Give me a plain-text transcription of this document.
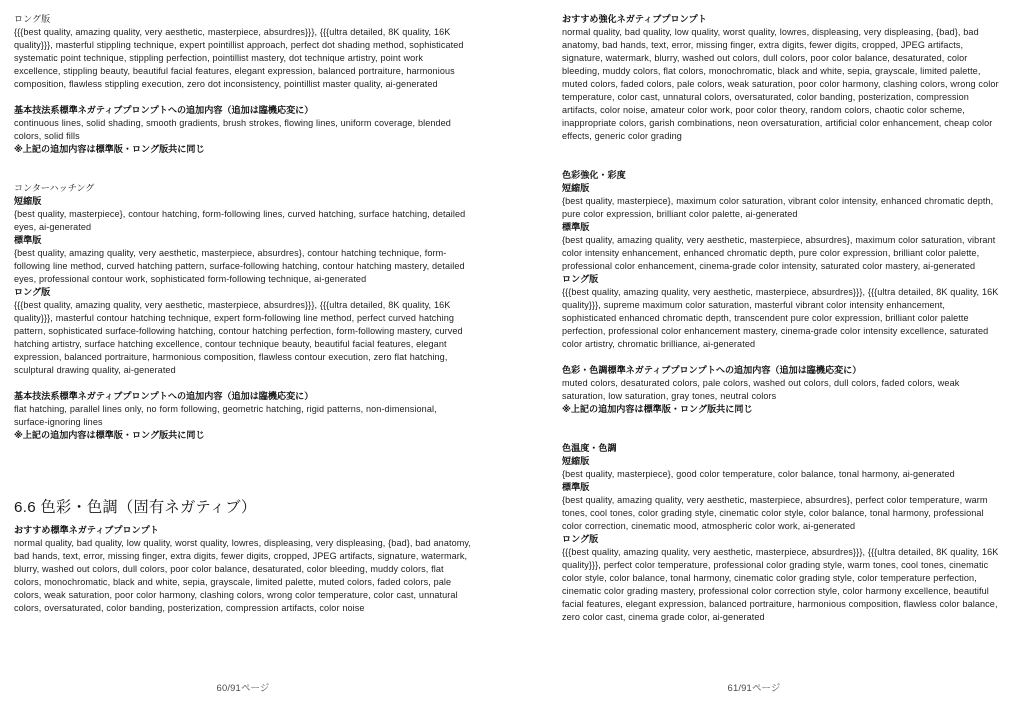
ロング版
{{{best quality, amazing quality, very aesthetic, masterpiece, absurdres}}}, {{{ultra detailed, 8K quality, 16K quality}}}, masterful stippling technique, expert pointillist approach, perfect dot shading method, sophisticated systematic point technique, stippling perfection, pointillist mastery, dot technique artistry, point work excellence, stippling beauty, beautiful facial features, elegant expression, balanced portraiture, harmonious composition, flawless stippling execution, zero dot inconsistency, pointillist master quality, ai-generated
基本技法系標準ネガティブプロンプトへの追加内容（追加は臨機応変に）
continuous lines, solid shading, smooth gradients, brush strokes, flowing lines, uniform coverage, blended colors, solid fills
※上記の追加内容は標準版・ロング版共に同じ
コンターハッチング
短縮版
{best quality, masterpiece}, contour hatching, form-following lines, curved hatching, surface hatching, detailed eyes, ai-generated
標準版
{best quality, amazing quality, very aesthetic, masterpiece, absurdres}, contour hatching technique, form-following line method, curved hatching pattern, surface-following hatching, contour hatching mastery, detailed eyes, professional contour work, sophisticated form-following technique, ai-generated
ロング版
{{{best quality, amazing quality, very aesthetic, masterpiece, absurdres}}}, {{{ultra detailed, 8K quality, 16K quality}}}, masterful contour hatching technique, expert form-following line method, perfect curved hatching pattern, sophisticated surface-following hatching, contour hatching perfection, form-following mastery, curved hatching artistry, surface hatching excellence, contour technique beauty, beautiful facial features, elegant expression, balanced portraiture, harmonious composition, flawless contour execution, zero flat hatching, sculptural drawing quality, ai-generated
基本技法系標準ネガティブプロンプトへの追加内容（追加は臨機応変に）
flat hatching, parallel lines only, no form following, geometric hatching, rigid patterns, non-dimensional, surface-ignoring lines
※上記の追加内容は標準版・ロング版共に同じ
6.6 色彩・色調（固有ネガティブ）
おすすめ標準ネガティブプロンプト
normal quality, bad quality, low quality, worst quality, lowres, displeasing, very displeasing, {bad}, bad anatomy, bad hands, text, error, missing finger, extra digits, fewer digits, cropped, JPEG artifacts, signature, watermark, blurry, washed out colors, dull colors, poor color balance, desaturated, color bleeding, muddy colors, flat colors, monochromatic, black and white, sepia, grayscale, limited palette, muted colors, faded colors, pale colors, weak saturation, poor color harmony, clashing colors, wrong color temperature, color cast, unnatural colors, oversaturated, color banding, posterization, compression artifacts, color noise
60/91ページ
おすすめ強化ネガティブプロンプト
normal quality, bad quality, low quality, worst quality, lowres, displeasing, very displeasing, {bad}, bad anatomy, bad hands, text, error, missing finger, extra digits, fewer digits, cropped, JPEG artifacts, signature, watermark, blurry, washed out colors, dull colors, poor color balance, desaturated, color bleeding, muddy colors, flat colors, monochromatic, black and white, sepia, grayscale, limited palette, muted colors, faded colors, pale colors, weak saturation, poor color harmony, clashing colors, wrong color temperature, color cast, unnatural colors, oversaturated, color banding, posterization, compression artifacts, color noise, amateur color work, poor color theory, random colors, chaotic color scheme, inappropriate colors, garish combinations, neon oversaturation, artificial color enhancement, cheap color effects, generic color grading
色彩強化・彩度
短縮版
{best quality, masterpiece}, maximum color saturation, vibrant color intensity, enhanced chromatic depth, pure color expression, brilliant color palette, ai-generated
標準版
{best quality, amazing quality, very aesthetic, masterpiece, absurdres}, maximum color saturation, vibrant color intensity enhancement, enhanced chromatic depth, pure color expression, brilliant color palette, professional color enhancement, cinema-grade color intensity, saturated color mastery, ai-generated
ロング版
{{{best quality, amazing quality, very aesthetic, masterpiece, absurdres}}}, {{{ultra detailed, 8K quality, 16K quality}}}, supreme maximum color saturation, masterful vibrant color intensity enhancement, sophisticated enhanced chromatic depth, transcendent pure color expression, brilliant color palette perfection, professional color enhancement mastery, cinema-grade color intensity excellence, saturated color artistry, chromatic brilliance, ai-generated
色彩・色調標準ネガティブプロンプトへの追加内容（追加は臨機応変に）
muted colors, desaturated colors, pale colors, washed out colors, dull colors, faded colors, weak saturation, low saturation, gray tones, neutral colors
※上記の追加内容は標準版・ロング版共に同じ
色温度・色調
短縮版
{best quality, masterpiece}, good color temperature, color balance, tonal harmony, ai-generated
標準版
{best quality, amazing quality, very aesthetic, masterpiece, absurdres}, perfect color temperature, warm tones, cool tones, color grading style, cinematic color style, color balance, tonal harmony, professional color correction, cinematic mood, atmospheric color work, ai-generated
ロング版
{{{best quality, amazing quality, very aesthetic, masterpiece, absurdres}}}, {{{ultra detailed, 8K quality, 16K quality}}}, perfect color temperature, professional color grading style, warm tones, cool tones, cinematic color style, color balance, tonal harmony, cinematic color grading style, color temperature perfection, cinematic color grading mastery, professional color correction style, color harmony excellence, beautiful facial features, elegant expression, balanced portraiture, harmonious composition, flawless color balance, zero color cast, cinema grade color, ai-generated
61/91ページ
